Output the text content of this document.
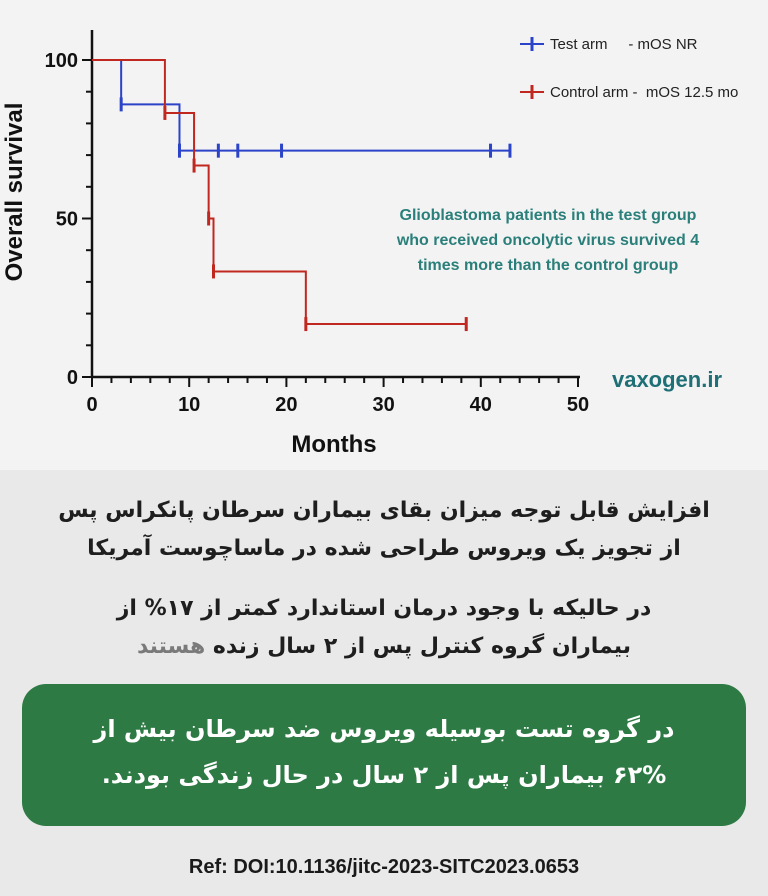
0	10	20	30	40	50
0
50
100
Test arm     - mOS NR
Control arm -  mOS 12.5 mo
Overall survival
Months
Glioblastoma patients in the test group
who received oncolytic virus survived 4
times more than the control group
vaxogen.ir
افزایش قابل توجه میزان بقای بیماران سرطان پانکراس پس
از تجویز یک ویروس طراحی شده در ماساچوست آمریکا
در حالیکه با وجود درمان استاندارد کمتر از ۱۷% از
بیماران گروه کنترل پس از ۲ سال زنده هستند
در گروه تست بوسیله ویروس ضد سرطان بیش از
۶۲% بیماران پس از ۲ سال در حال زندگی بودند.
Ref: DOI:10.1136/jitc-2023-SITC2023.0653
